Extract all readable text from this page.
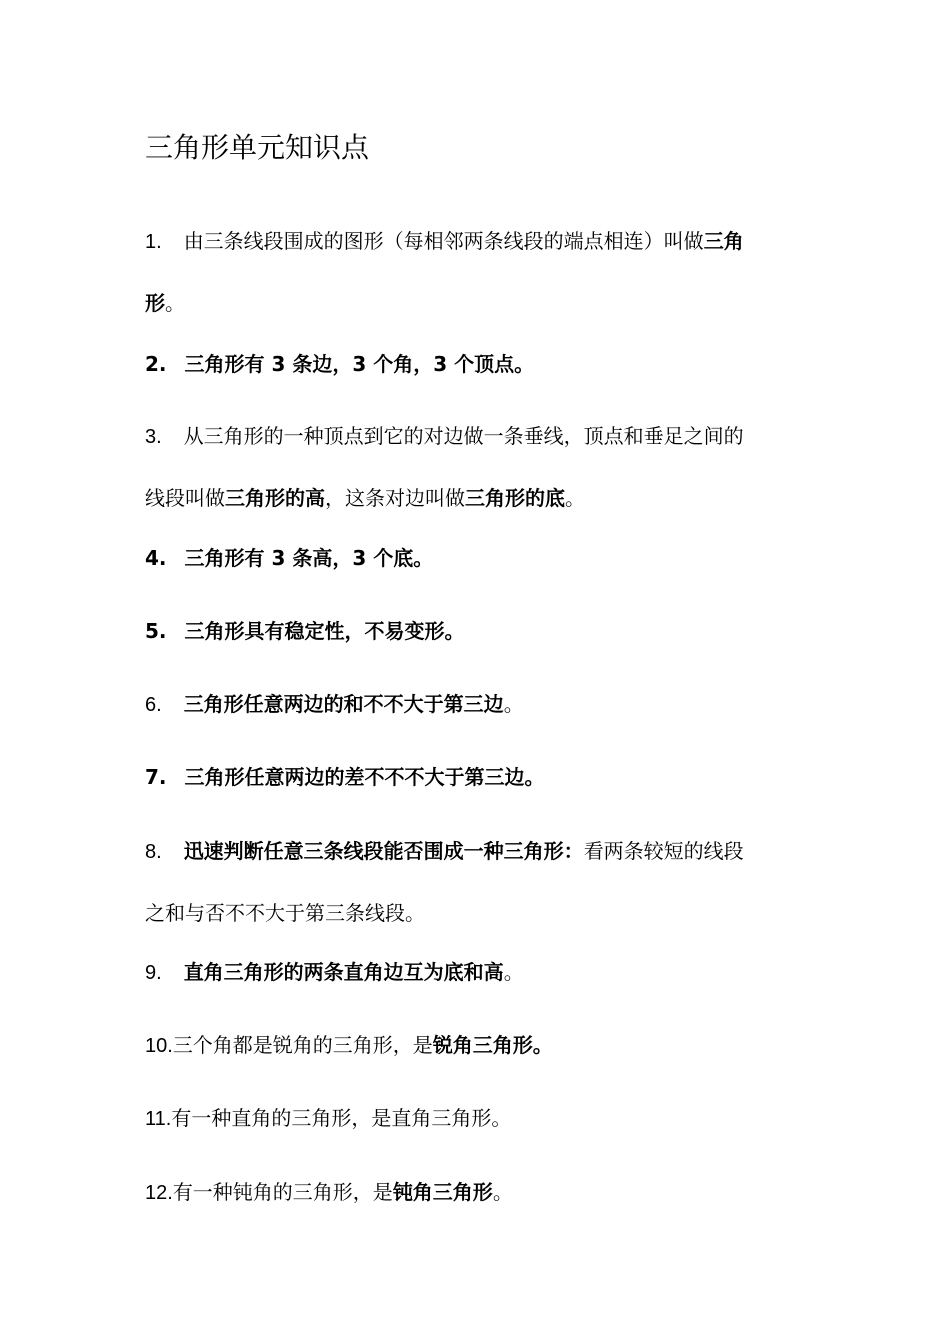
三角形单元知识点
1. 由三条线段围成的图形（每相邻两条线段的端点相连）叫做三角
形。
2. 三角形有 3 条边，3 个角，3 个顶点。
3. 从三角形的一种顶点到它的对边做一条垂线，顶点和垂足之间的
线段叫做三角形的高，这条对边叫做三角形的底。
4. 三角形有 3 条高，3 个底。
5. 三角形具有稳定性，不易变形。
6. 三角形任意两边的和不不大于第三边。
7. 三角形任意两边的差不不不大于第三边。
8. 迅速判断任意三条线段能否围成一种三角形：看两条较短的线段
之和与否不不大于第三条线段。
9. 直角三角形的两条直角边互为底和高。
10.三个角都是锐角的三角形，是锐角三角形。
11.有一种直角的三角形，是直角三角形。
12.有一种钝角的三角形，是钝角三角形。
